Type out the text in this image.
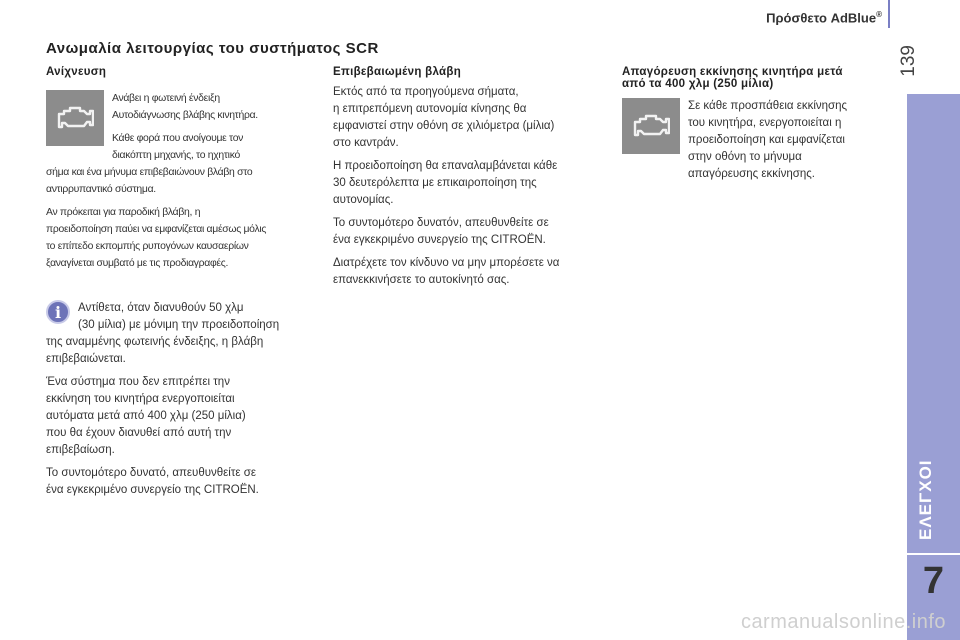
Πρόσθετο AdBlue®
139
ΕΛΕΓΧΟΙ
7
Ανωμαλία λειτουργίας του συστήματος SCR
Ανίχνευση

Ανάβει η φωτεινή ένδειξη

Αυτοδιάγνωσης βλάβης κινητήρα.

Κάθε φορά που ανοίγουμε τον

διακόπτη μηχανής, το ηχητικό

σήμα και ένα μήνυμα επιβεβαιώνουν βλάβη στο

αντιρρυπαντικό σύστημα.

Αν πρόκειται για παροδική βλάβη, η

προειδοποίηση παύει να εμφανίζεται αμέσως μόλις

το επίπεδο εκπομπής ρυπογόνων καυσαερίων

ξαναγίνεται συμβατό με τις προδιαγραφές.

i	Αντίθετα, όταν διανυθούν 50 χλμ

(30 μίλια) με μόνιμη την προειδοποίηση

της αναμμένης φωτεινής ένδειξης, η βλάβη

επιβεβαιώνεται.

Ένα σύστημα που δεν επιτρέπει την

εκκίνηση του κινητήρα ενεργοποιείται

αυτόματα μετά από 400 χλμ (250 μίλια)

που θα έχουν διανυθεί από αυτή την

επιβεβαίωση.

Το συντομότερο δυνατό, απευθυνθείτε σε

ένα εγκεκριμένο συνεργείο της CITROËN.

Επιβεβαιωμένη βλάβη

Εκτός από τα προηγούμενα σήματα,

η επιτρεπόμενη αυτονομία κίνησης θα

εμφανιστεί στην οθόνη σε χιλιόμετρα (μίλια)

στο καντράν.

Η προειδοποίηση θα επαναλαμβάνεται κάθε

30 δευτερόλεπτα με επικαιροποίηση της

αυτονομίας.

Το συντομότερο δυνατόν, απευθυνθείτε σε

ένα εγκεκριμένο συνεργείο της CITROËN.

Διατρέχετε τον κίνδυνο να μην μπορέσετε να

επανεκκινήσετε το αυτοκίνητό σας.

Απαγόρευση εκκίνησης κινητήρα μετά
από τα 400 χλμ (250 μίλια)

Σε κάθε προσπάθεια εκκίνησης

του κινητήρα, ενεργοποιείται η

προειδοποίηση και εμφανίζεται

στην οθόνη το μήνυμα

απαγόρευσης εκκίνησης.

carmanualsonline.info
